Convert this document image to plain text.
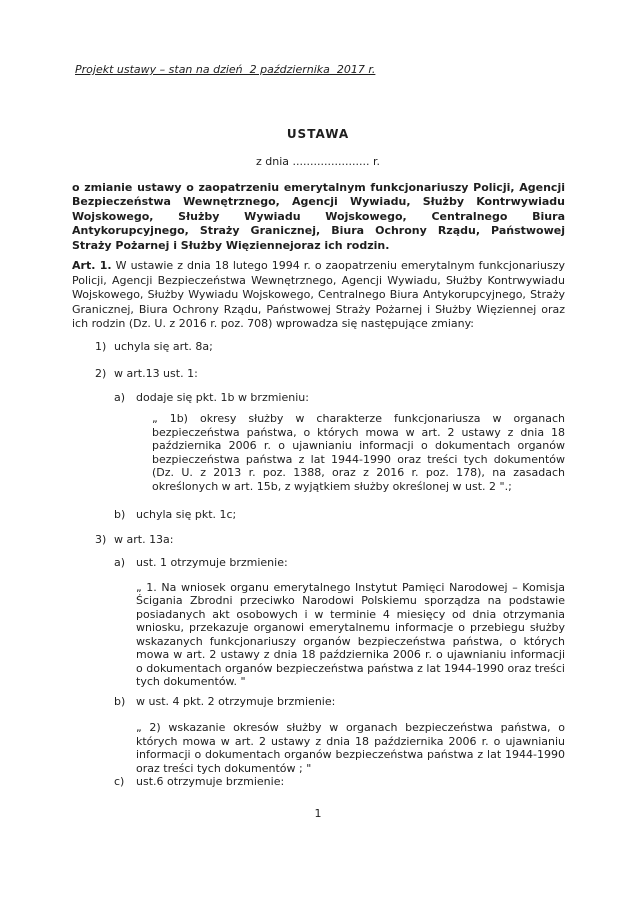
Projekt ustawy – stan na dzień  2 października  2017 r.
USTAWA
z dnia ...................... r.

o zmianie ustawy o zaopatrzeniu emerytalnym funkcjonariuszy Policji, Agencji Bezpieczeństwa Wewnętrznego, Agencji Wywiadu, Służby Kontrwywiadu Wojskowego, Służby Wywiadu Wojskowego, Centralnego Biura Antykorupcyjnego, Straży Granicznej, Biura Ochrony Rządu, Państwowej Straży Pożarnej i Służby Więziennejoraz ich rodzin.

Art. 1. W ustawie z dnia 18 lutego 1994 r. o zaopatrzeniu emerytalnym funkcjonariuszy Policji, Agencji Bezpieczeństwa Wewnętrznego, Agencji Wywiadu, Służby Kontrwywiadu Wojskowego, Służby Wywiadu Wojskowego, Centralnego Biura Antykorupcyjnego, Straży Granicznej, Biura Ochrony Rządu, Państwowej Straży Pożarnej i Służby Więziennej oraz ich rodzin (Dz. U. z 2016 r. poz. 708) wprowadza się następujące zmiany:

1) uchyla się art. 8a;
2) w art.13 ust. 1:
a) dodaje się pkt. 1b w brzmieniu:

„ 1b) okresy służby w charakterze funkcjonariusza w organach bezpieczeństwa państwa, o których mowa w art. 2 ustawy z dnia 18 października 2006 r. o ujawnianiu informacji o dokumentach organów bezpieczeństwa państwa z lat 1944-1990 oraz treści tych dokumentów (Dz. U. z 2013 r. poz. 1388, oraz z 2016 r. poz. 178), na zasadach określonych w art. 15b, z wyjątkiem służby określonej w ust. 2 ".;

b) uchyla się pkt. 1c;
3) w art. 13a:
a) ust. 1 otrzymuje brzmienie:

„ 1. Na wniosek organu emerytalnego Instytut Pamięci Narodowej – Komisja Ścigania Zbrodni przeciwko Narodowi Polskiemu sporządza na podstawie posiadanych akt osobowych i w terminie 4 miesięcy od dnia otrzymania wniosku, przekazuje organowi emerytalnemu informacje o przebiegu służby wskazanych funkcjonariuszy organów bezpieczeństwa państwa, o których mowa w art. 2 ustawy z dnia 18 października 2006 r. o ujawnianiu informacji o dokumentach organów bezpieczeństwa państwa z lat 1944-1990 oraz treści tych dokumentów. "

b) w ust. 4 pkt. 2 otrzymuje brzmienie:

„ 2) wskazanie okresów służby w organach bezpieczeństwa państwa, o których mowa w art. 2 ustawy z dnia 18 października 2006 r. o ujawnianiu informacji o dokumentach organów bezpieczeństwa państwa z lat 1944-1990 oraz treści tych dokumentów ; "

c)	ust.6 otrzymuje brzmienie:
1
